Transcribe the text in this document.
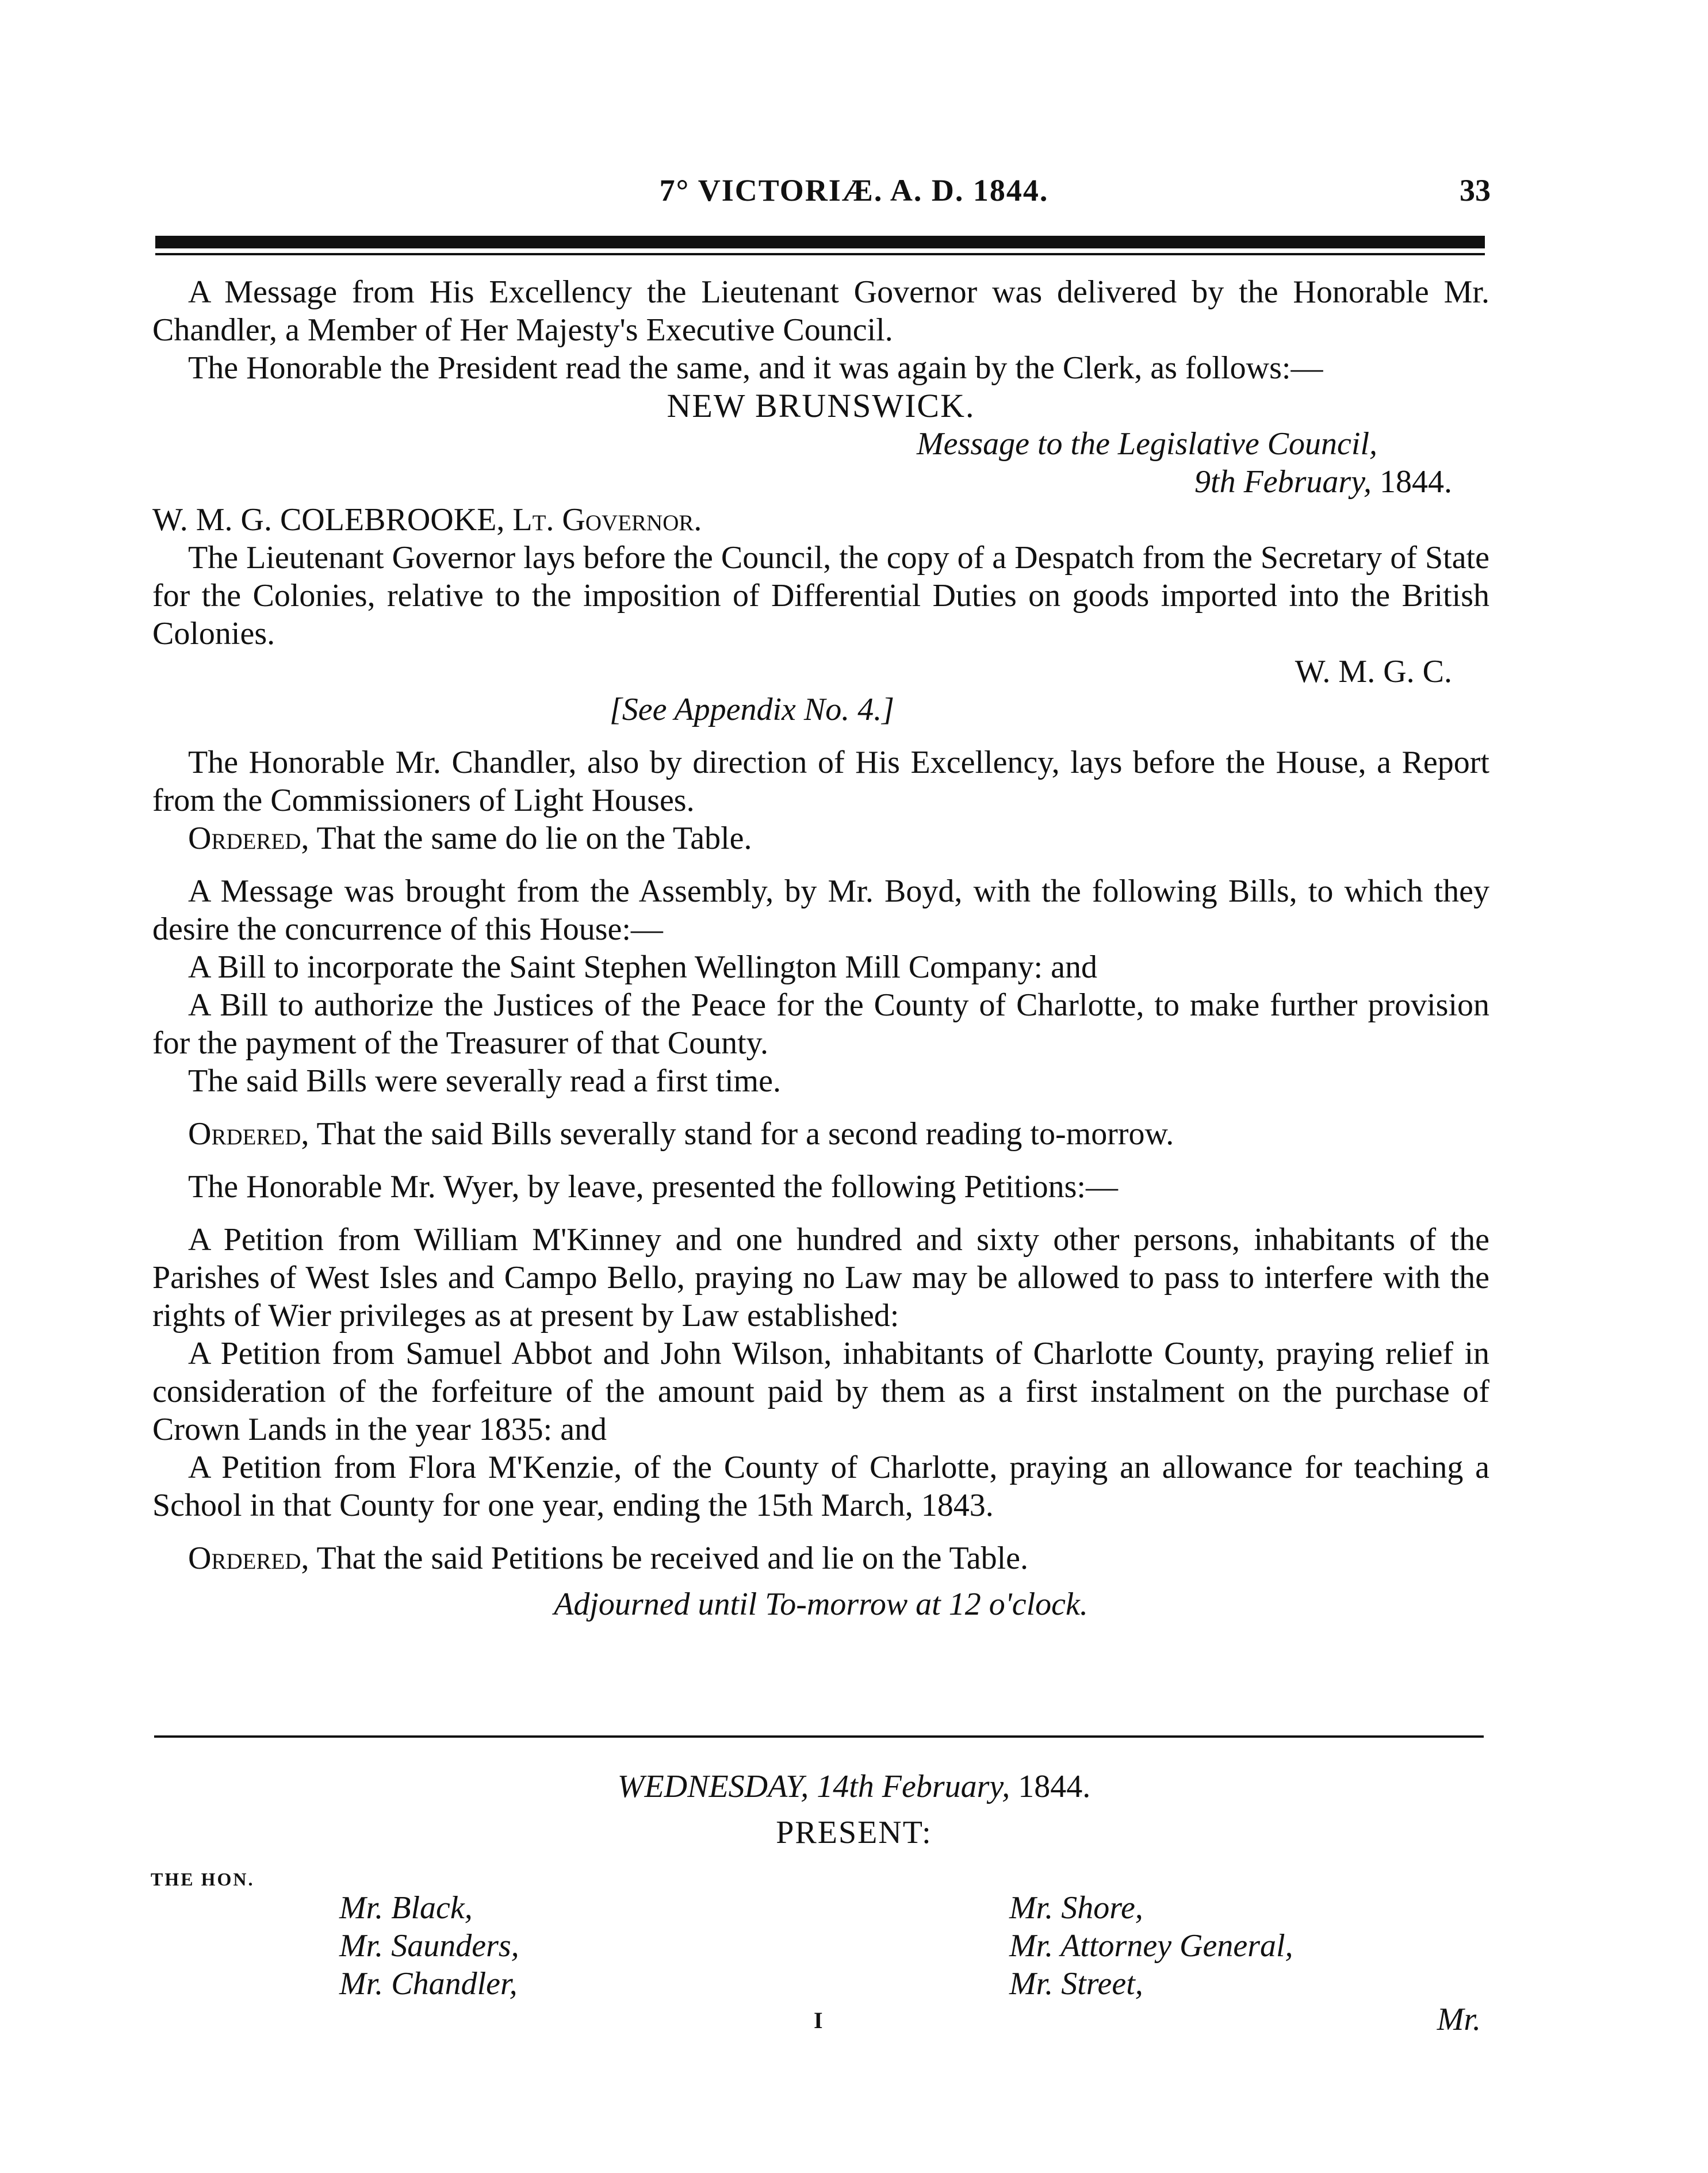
7° VICTORIÆ. A. D. 1844.	33

A Message from His Excellency the Lieutenant Governor was delivered by the Honorable Mr. Chandler, a Member of Her Majesty's Executive Council.

The Honorable the President read the same, and it was again by the Clerk, as follows:—

NEW BRUNSWICK.

Message to the Legislative Council,

9th February, 1844.

W. M. G. COLEBROOKE, Lt. Governor.

The Lieutenant Governor lays before the Council, the copy of a Despatch from the Secretary of State for the Colonies, relative to the imposition of Differential Duties on goods imported into the British Colonies.

W. M. G. C.

[See Appendix No. 4.]

The Honorable Mr. Chandler, also by direction of His Excellency, lays before the House, a Report from the Commissioners of Light Houses.

Ordered, That the same do lie on the Table.

A Message was brought from the Assembly, by Mr. Boyd, with the following Bills, to which they desire the concurrence of this House:—

A Bill to incorporate the Saint Stephen Wellington Mill Company: and

A Bill to authorize the Justices of the Peace for the County of Charlotte, to make further provision for the payment of the Treasurer of that County.

The said Bills were severally read a first time.

Ordered, That the said Bills severally stand for a second reading to-morrow.

The Honorable Mr. Wyer, by leave, presented the following Petitions:—

A Petition from William M'Kinney and one hundred and sixty other persons, inhabitants of the Parishes of West Isles and Campo Bello, praying no Law may be allowed to pass to interfere with the rights of Wier privileges as at present by Law established:

A Petition from Samuel Abbot and John Wilson, inhabitants of Charlotte County, praying relief in consideration of the forfeiture of the amount paid by them as a first instalment on the purchase of Crown Lands in the year 1835: and

A Petition from Flora M'Kenzie, of the County of Charlotte, praying an allowance for teaching a School in that County for one year, ending the 15th March, 1843.

Ordered, That the said Petitions be received and lie on the Table.

Adjourned until To-morrow at 12 o'clock.

WEDNESDAY, 14th February, 1844.
PRESENT:
THE HON.
Mr. Black,
Mr. Saunders,
Mr. Chandler,
Mr. Shore,
Mr. Attorney General,
Mr. Street,
I	Mr.
